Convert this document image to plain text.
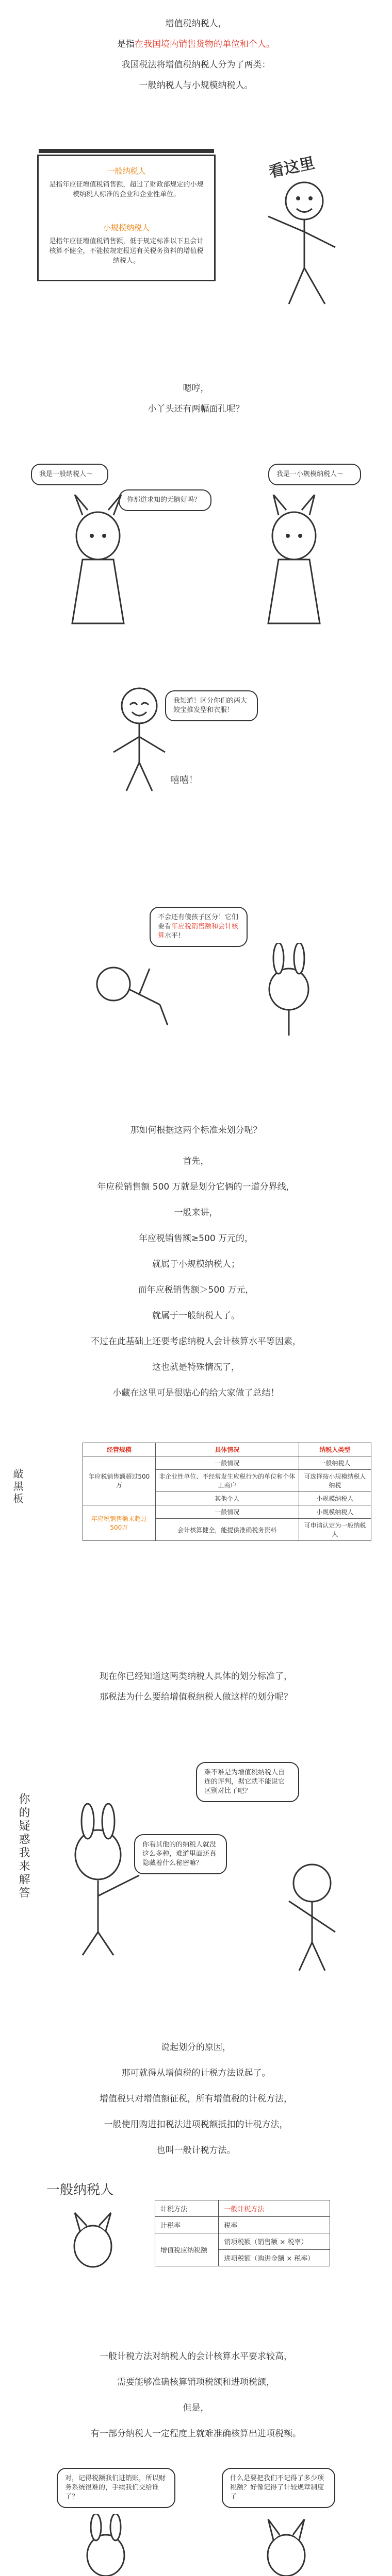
增值税纳税人，
是指在我国境内销售货物的单位和个人。
我国税法将增值税纳税人分为了两类：
一般纳税人与小规模纳税人。
一般纳税人
是指年应征增值税销售额，超过了财政部规定的小规模纳税人标准的企业和企业性单位。
小规模纳税人
是指年应征增值税销售额，低于规定标准以下且会计核算不健全，不能按规定报送有关税务资料的增值税纳税人。
看这里
嗯哼，
小丫头还有两幅面孔呢？
我是一般纳税人～
你那道求知的无脑好吗？
我是一小规模纳税人～
我知道！区分你们的两大鲛宝推发型和衣服！
嘻嘻！
不会还有傻孩子区分！它们要看年应税销售额和会计核算水平!
那如何根据这两个标准来划分呢？
首先，
年应税销售额 500 万就是划分它俩的一道分界线，
一般来讲，
年应税销售额≥500 万元的，
就属于小规模纳税人；
而年应税销售额＞500 万元，
就属于一般纳税人了。
不过在此基础上还要考虑纳税人会计核算水平等因素，
这也就是特殊情况了，
小藏在这里可是很贴心的给大家做了总结！
敲黑板
经营规模	具体情况	纳税人类型
年应税销售额超过500万	一般情况	一般纳税人
	非企业性单位、不经常发生应税行为的单位和个体工商户	可选择按小规模纳税人纳税
	其他个人	小规模纳税人
年应税销售额未超过500万	一般情况	小规模纳税人
	会计核算健全，能提供准确税务资料	可申请认定为一般纳税人
现在你已经知道这两类纳税人具体的划分标准了，
那税法为什么要给增值税纳税人做这样的划分呢？
你的疑惑我来解答
难不难是为增值税纳税人自连的评判，据它就不能说它区别对比了吧？
你看其他的的纳税人就没这么多种，难道里面还真隐藏着什么秘密嘛？
说起划分的原因，
那可就得从增值税的计税方法说起了。
增值税只对增值额征税，所有增值税的计税方法，
一般使用购进扣税法进项税额抵扣的计税方法，
也叫一般计税方法。
一般纳税人
计税方法	一般计税方法
计税率	税率
增值税应纳税额	销项税额（销售额 × 税率）
	进项税额（购进金额 × 税率）
一般计税方法对纳税人的会计核算水平要求较高，
需要能够准确核算销项税额和进项税额，
但是，
有一部分纳税人一定程度上就难准确核算出进项税额。
对，记得税额我们进销账，所以财务系统很难的，手续我们交给谁了？
什么是要把我们不记得了多少项税额？好像记得了计较规章制度了
